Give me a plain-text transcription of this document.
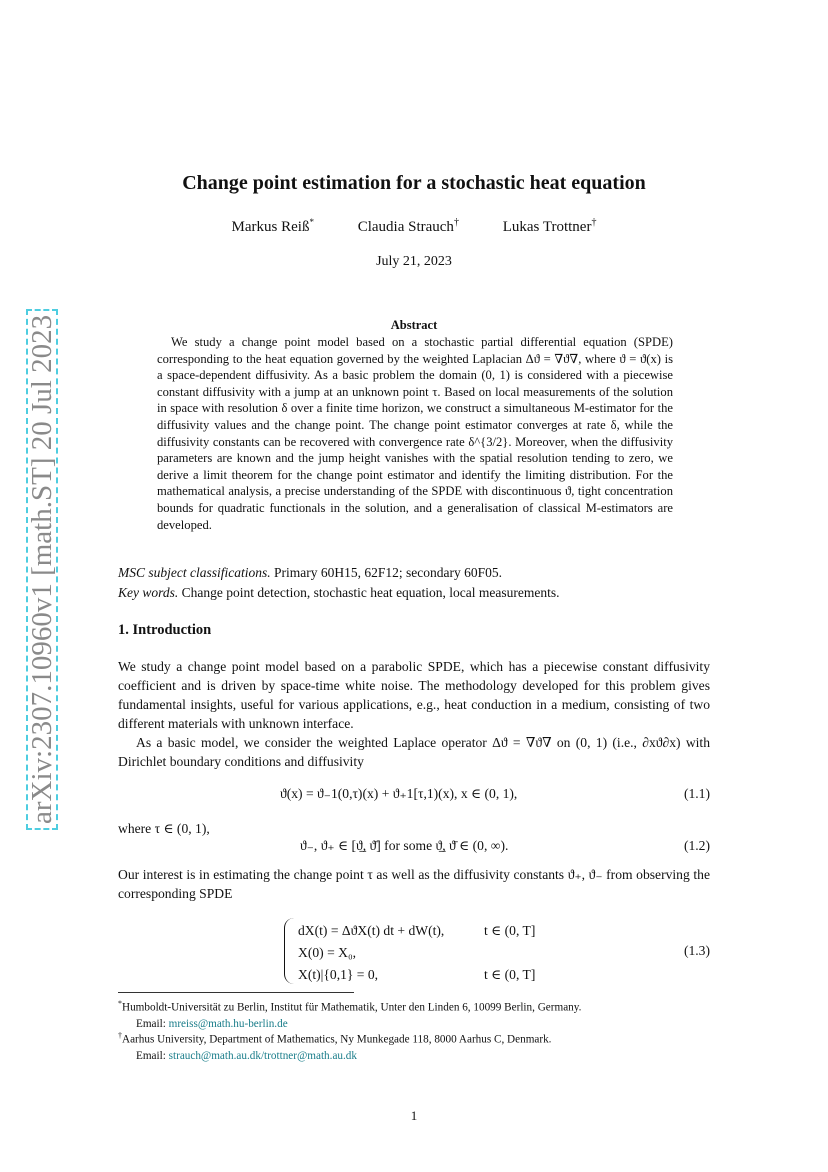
arXiv:2307.10960v1 [math.ST] 20 Jul 2023
Change point estimation for a stochastic heat equation
Markus Reiß*	Claudia Strauch†	Lukas Trottner†
July 21, 2023
Abstract
We study a change point model based on a stochastic partial differential equation (SPDE) corresponding to the heat equation governed by the weighted Laplacian Δϑ = ∇ϑ∇, where ϑ = ϑ(x) is a space-dependent diffusivity. As a basic problem the domain (0, 1) is considered with a piecewise constant diffusivity with a jump at an unknown point τ. Based on local measurements of the solution in space with resolution δ over a finite time horizon, we construct a simultaneous M-estimator for the diffusivity values and the change point. The change point estimator converges at rate δ, while the diffusivity constants can be recovered with convergence rate δ^{3/2}. Moreover, when the diffusivity parameters are known and the jump height vanishes with the spatial resolution tending to zero, we derive a limit theorem for the change point estimator and identify the limiting distribution. For the mathematical analysis, a precise understanding of the SPDE with discontinuous ϑ, tight concentration bounds for quadratic functionals in the solution, and a generalisation of classical M-estimators are developed.
MSC subject classifications. Primary 60H15, 62F12; secondary 60F05.
Key words. Change point detection, stochastic heat equation, local measurements.
1. Introduction
We study a change point model based on a parabolic SPDE, which has a piecewise constant diffusivity coefficient and is driven by space-time white noise. The methodology developed for this problem gives fundamental insights, useful for various applications, e.g., heat conduction in a medium, consisting of two different materials with unknown interface.
As a basic model, we consider the weighted Laplace operator Δϑ = ∇ϑ∇ on (0, 1) (i.e., ∂xϑ∂x) with Dirichlet boundary conditions and diffusivity
ϑ(x) = ϑ₋1(0,τ)(x) + ϑ₊1[τ,1)(x), x ∈ (0, 1),	(1.1)
where τ ∈ (0, 1),
ϑ₋, ϑ₊ ∈ [ϑ̲, ϑ̄] for some ϑ̲, ϑ̄ ∈ (0, ∞).	(1.2)
Our interest is in estimating the change point τ as well as the diffusivity constants ϑ₊, ϑ₋ from observing the corresponding SPDE
dX(t) = ΔϑX(t) dt + dW(t),	t ∈ (0, T]
X(0) = X₀,
X(t)|{0,1} = 0,	t ∈ (0, T]
(1.3)
*Humboldt-Universität zu Berlin, Institut für Mathematik, Unter den Linden 6, 10099 Berlin, Germany.
Email: mreiss@math.hu-berlin.de
†Aarhus University, Department of Mathematics, Ny Munkegade 118, 8000 Aarhus C, Denmark.
Email: strauch@math.au.dk/trottner@math.au.dk
1
